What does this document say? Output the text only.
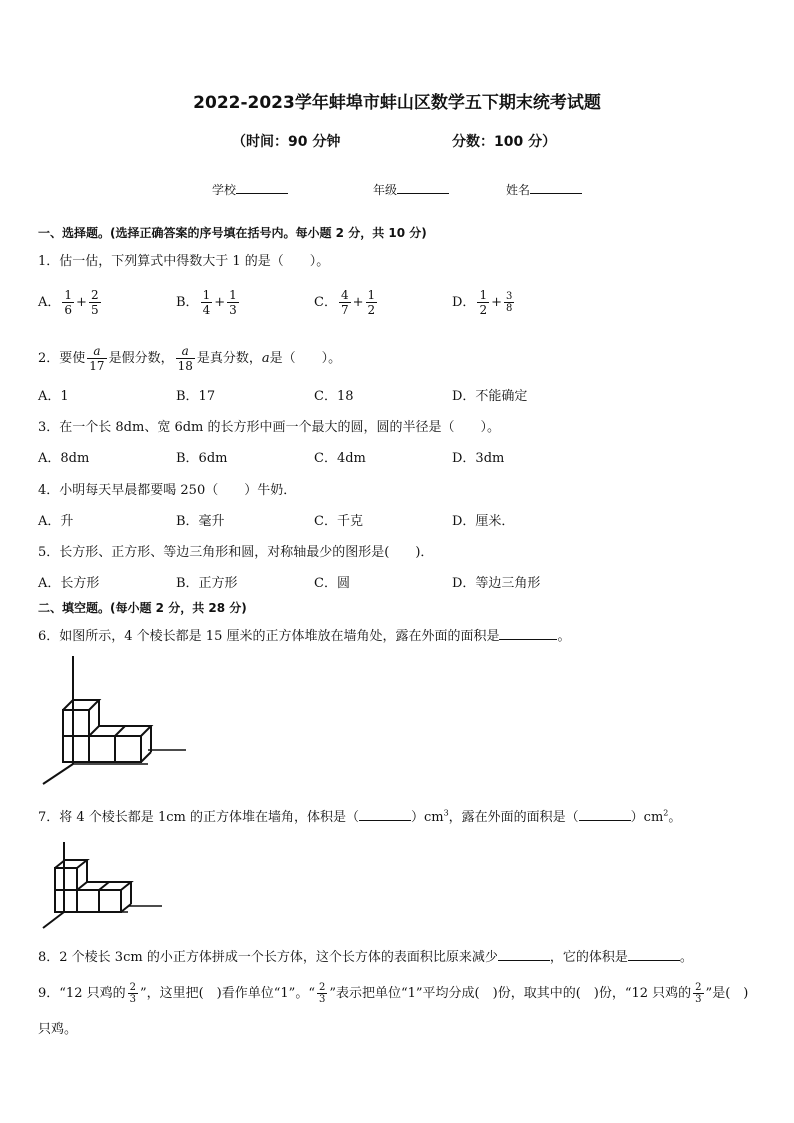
2022-2023学年蚌埠市蚌山区数学五下期末统考试题
（时间：90 分钟	分数：100 分）
学校	年级	姓名
一、选择题。(选择正确答案的序号填在括号内。每小题 2 分，共 10 分)
1．估一估，下列算式中得数大于 1 的是（　　）。
A． $\frac{1}{6} + \frac{2}{5}$	B． $\frac{1}{4} + \frac{1}{3}$	C． $\frac{4}{7} + \frac{1}{2}$	D． $\frac{1}{2} + \frac{3}{8}$
2．要使 $\frac{a}{17}$ 是假分数， $\frac{a}{18}$ 是真分数，a是（　　）。
A．1	B．17	C．18	D．不能确定
3．在一个长 8dm、宽 6dm 的长方形中画一个最大的圆，圆的半径是（　　）。
A．8dm	B．6dm	C．4dm	D．3dm
4．小明每天早晨都要喝 250（　　）牛奶．
A．升	B．毫升	C．千克	D．厘米．
5．长方形、正方形、等边三角形和圆，对称轴最少的图形是(　　)．
A．长方形	B．正方形	C．圆	D．等边三角形
二、填空题。(每小题 2 分，共 28 分)
6．如图所示，4 个棱长都是 15 厘米的正方体堆放在墙角处，露在外面的面积是	。
7．将 4 个棱长都是 1cm 的正方体堆在墙角，体积是（	）$cm^3$，露在外面的面积是（	）$cm^2$。
8．2 个棱长 3cm 的小正方体拼成一个长方体，这个长方体的表面积比原来减少	，它的体积是	。
9．“12 只鸡的 $\frac{2}{3}$ ”，这里把(　)看作单位“1”。“ $\frac{2}{3}$ ”表示把单位“1”平均分成(　)份，取其中的(　)份，“12 只鸡的 $\frac{2}{3}$ ”是(　)
只鸡。
